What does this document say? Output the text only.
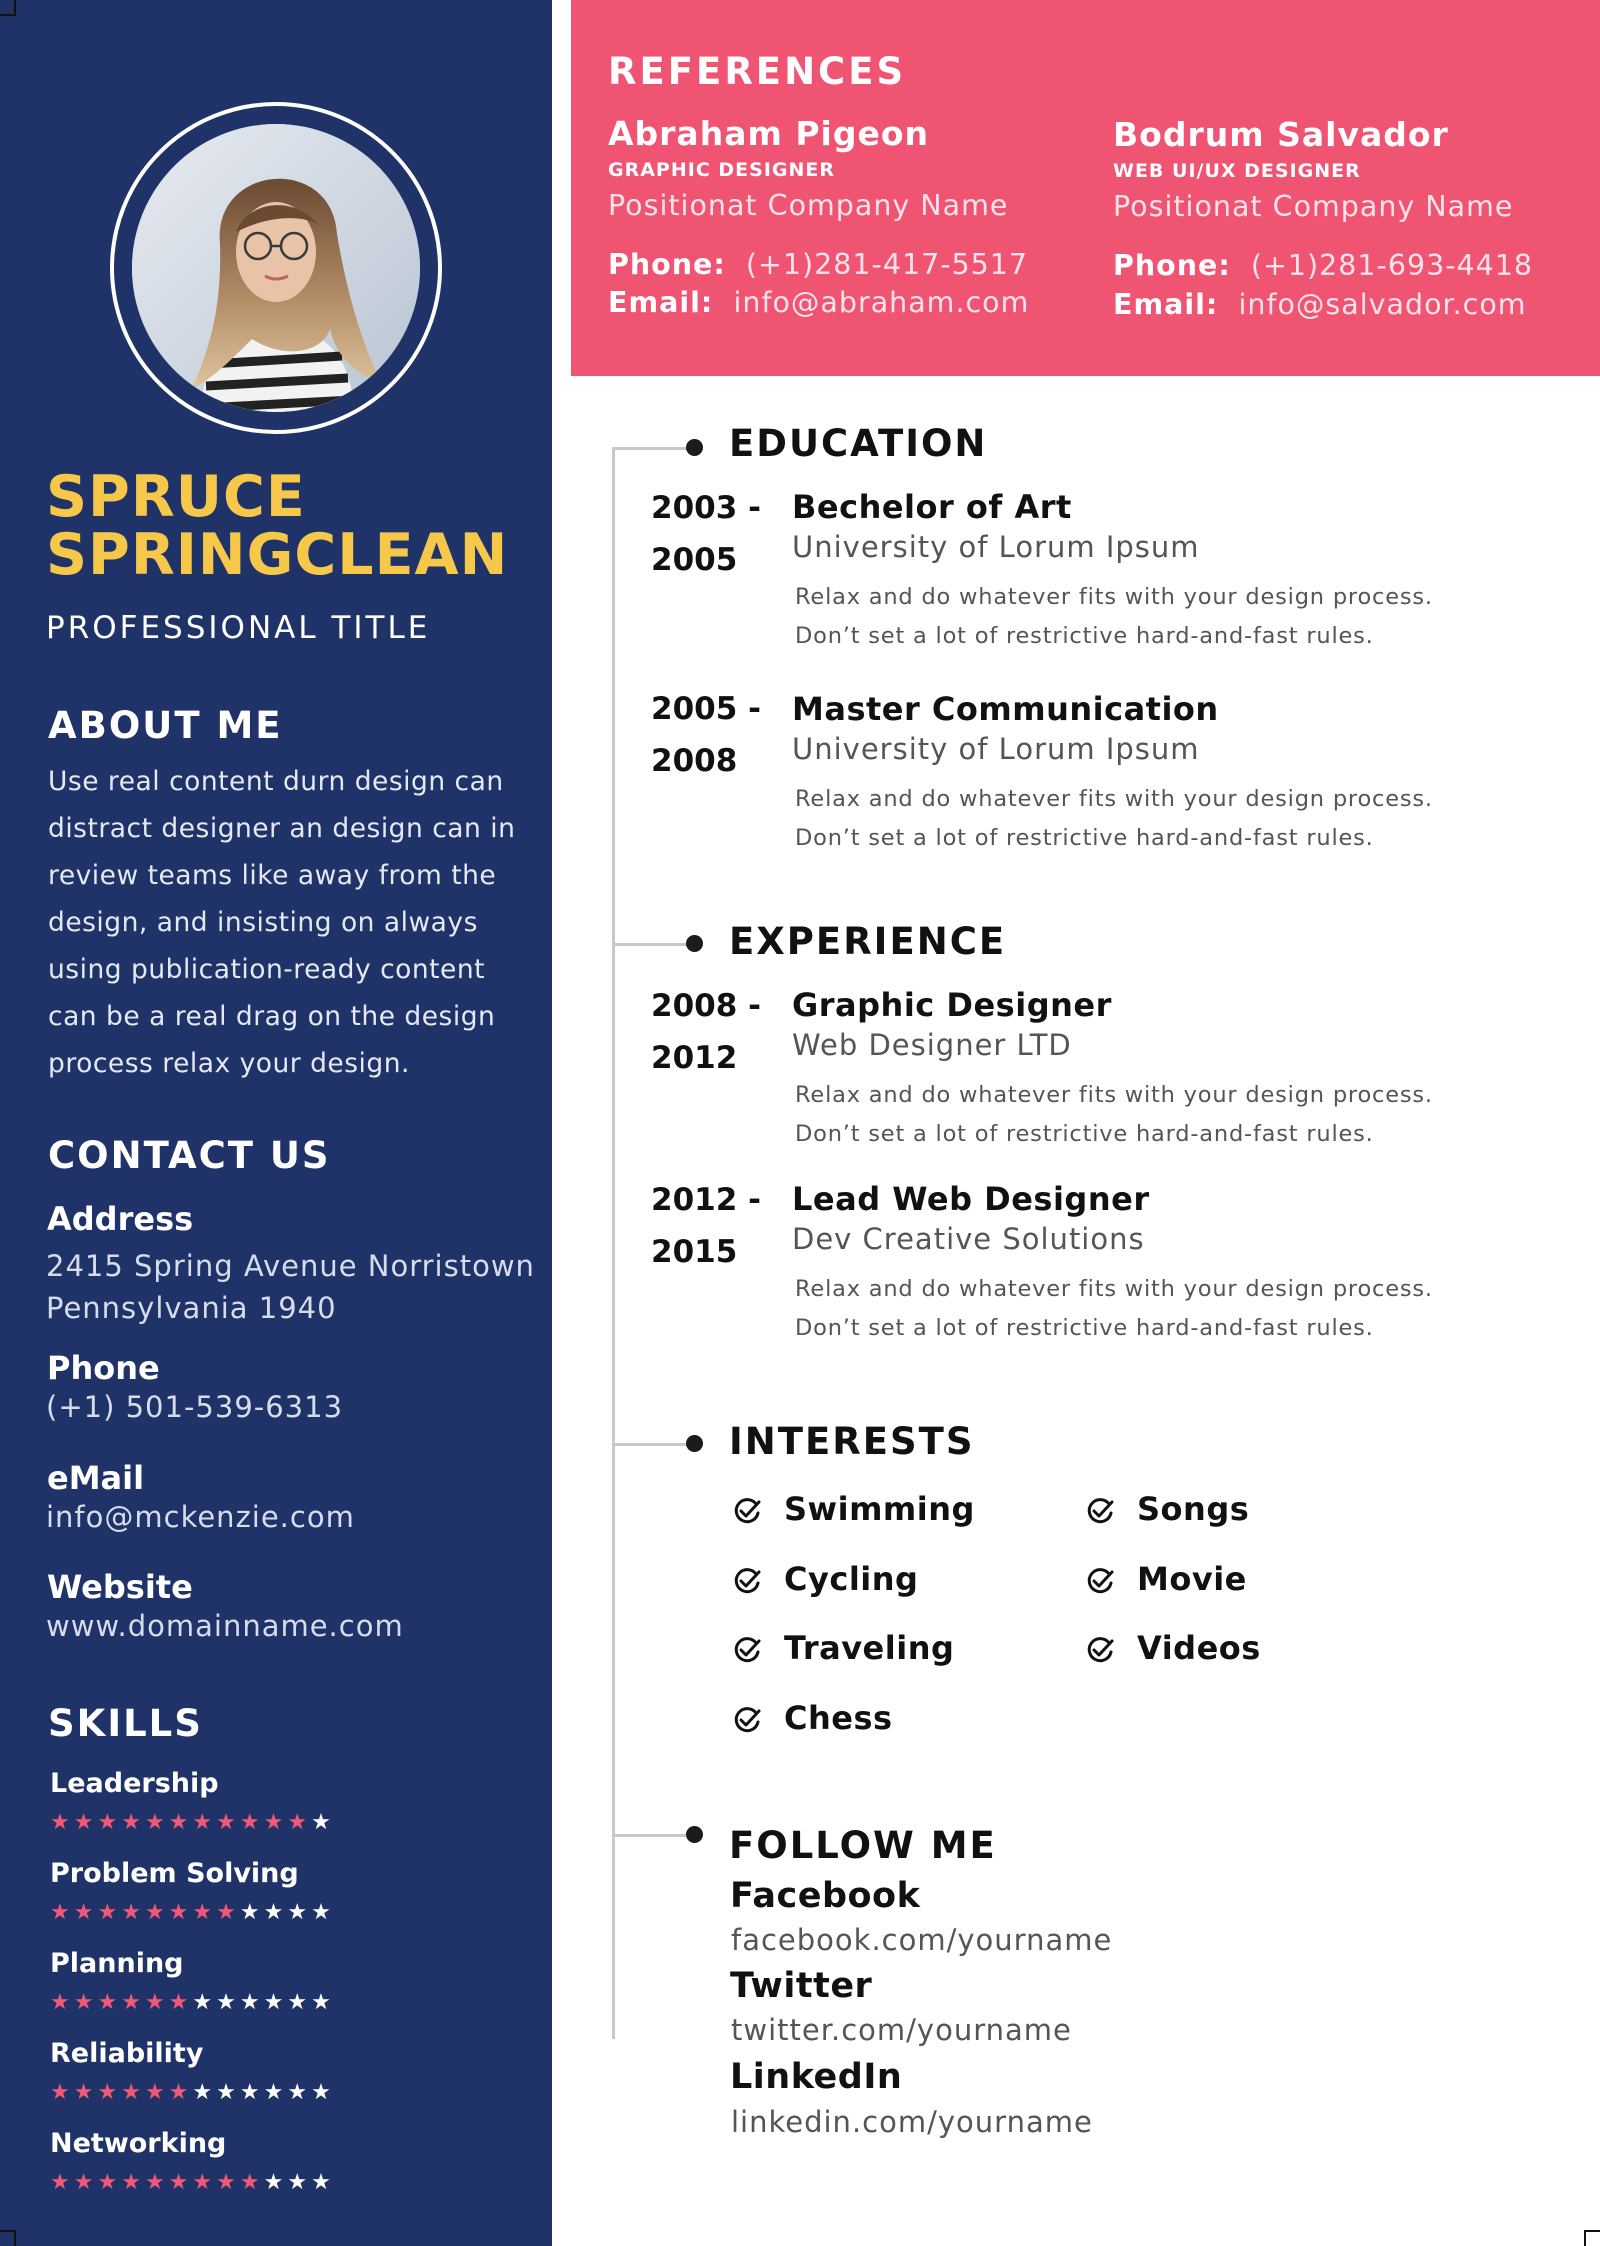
SPRUCE
SPRINGCLEAN
PROFESSIONAL TITLE
ABOUT ME
Use real content durn design can
distract designer an design can in
review teams like away from the
design, and insisting on always
using publication-ready content
can be a real drag on the design
process relax your design.
CONTACT US
Address
2415 Spring Avenue Norristown
Pennsylvania 1940
Phone
(+1) 501-539-6313
eMail
info@mckenzie.com
Website
www.domainname.com
SKILLS
Leadership
★★★★★★★★★★★★
Problem Solving
★★★★★★★★★★★★
Planning
★★★★★★★★★★★★
Reliability
★★★★★★★★★★★★
Networking
★★★★★★★★★★★★
REFERENCES
Abraham Pigeon
GRAPHIC DESIGNER
Positionat Company Name
Phone: (+1)281-417-5517
Email: info@abraham.com
Bodrum Salvador
WEB UI/UX DESIGNER
Positionat Company Name
Phone: (+1)281-693-4418
Email: info@salvador.com
EDUCATION
2003 -
2005
Bechelor of Art
University of Lorum Ipsum
Relax and do whatever fits with your design process.
Don’t set a lot of restrictive hard-and-fast rules.
2005 -
2008
Master Communication
University of Lorum Ipsum
Relax and do whatever fits with your design process.
Don’t set a lot of restrictive hard-and-fast rules.
EXPERIENCE
2008 -
2012
Graphic Designer
Web Designer LTD
Relax and do whatever fits with your design process.
Don’t set a lot of restrictive hard-and-fast rules.
2012 -
2015
Lead Web Designer
Dev Creative Solutions
Relax and do whatever fits with your design process.
Don’t set a lot of restrictive hard-and-fast rules.
INTERESTS
Swimming
Cycling
Traveling
Chess
Songs
Movie
Videos
FOLLOW ME
Facebook
facebook.com/yourname
Twitter
twitter.com/yourname
LinkedIn
linkedin.com/yourname
